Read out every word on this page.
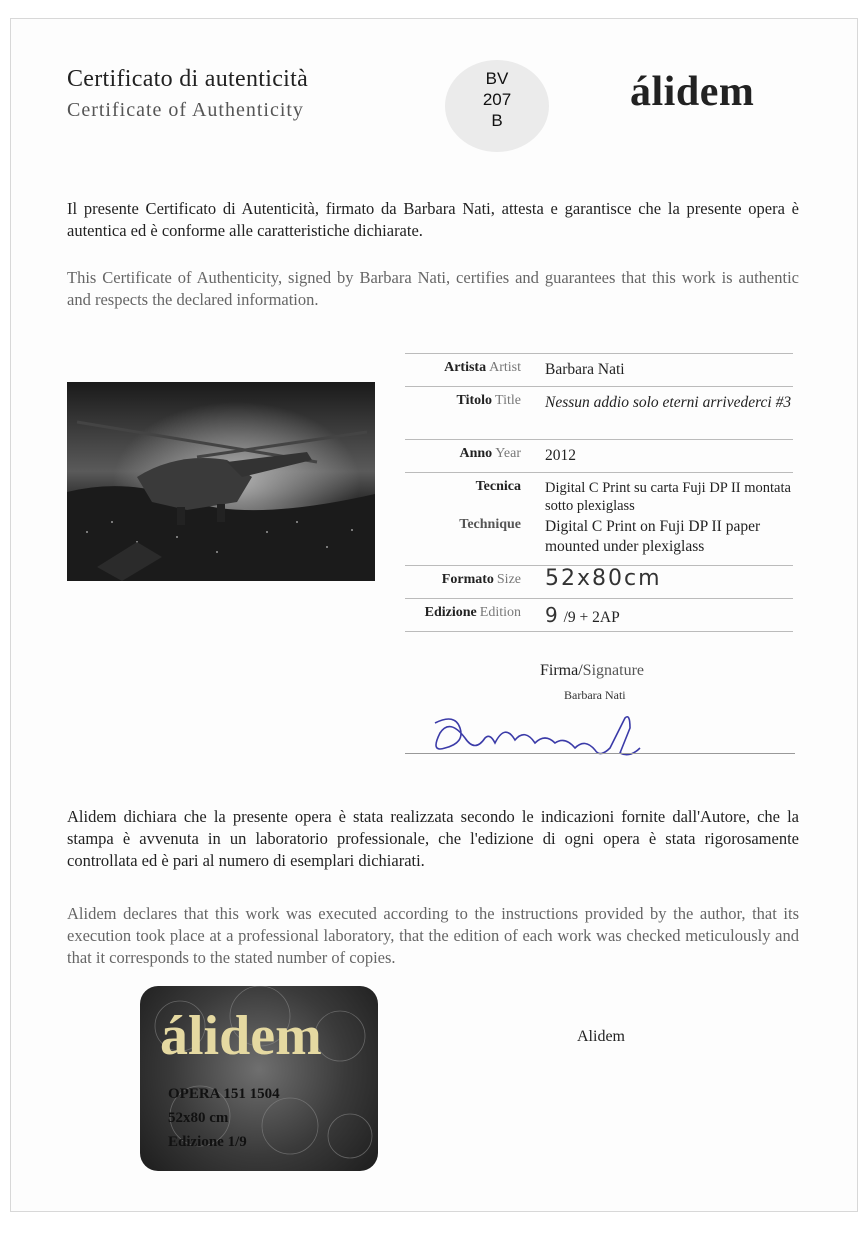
Certificato di autenticità
Certificate of Authenticity
BV
207
B
álidem

Il presente Certificato di Autenticità, firmato da Barbara Nati, attesta e garantisce che la presente opera è autentica ed è conforme alle caratteristiche dichiarate.

This Certificate of Authenticity, signed by Barbara Nati, certifies and guarantees that this work is authentic and respects the declared information.

Artista Artist	Barbara Nati
Titolo Title	Nessun addio solo eterni arrivederci #3
Anno Year	2012
Tecnica	Digital C Print su carta Fuji DP II montata sotto plexiglass
Technique	Digital C Print on Fuji DP II paper mounted under plexiglass
Formato Size	52x80cm
Edizione Edition	9 /9 + 2AP
Firma/Signature
Barbara Nati

Alidem dichiara che la presente opera è stata realizzata secondo le indicazioni fornite dall'Autore, che la stampa è avvenuta in un laboratorio professionale, che l'edizione di ogni opera è stata rigorosamente controllata ed è pari al numero di esemplari dichiarati.

Alidem declares that this work was executed according to the instructions provided by the author, that its execution took place at a professional laboratory, that the edition of each work was checked meticulously and that it corresponds to the stated number of copies.

álidem
OPERA 151 1504
52x80 cm
Edizione 1/9
Alidem
